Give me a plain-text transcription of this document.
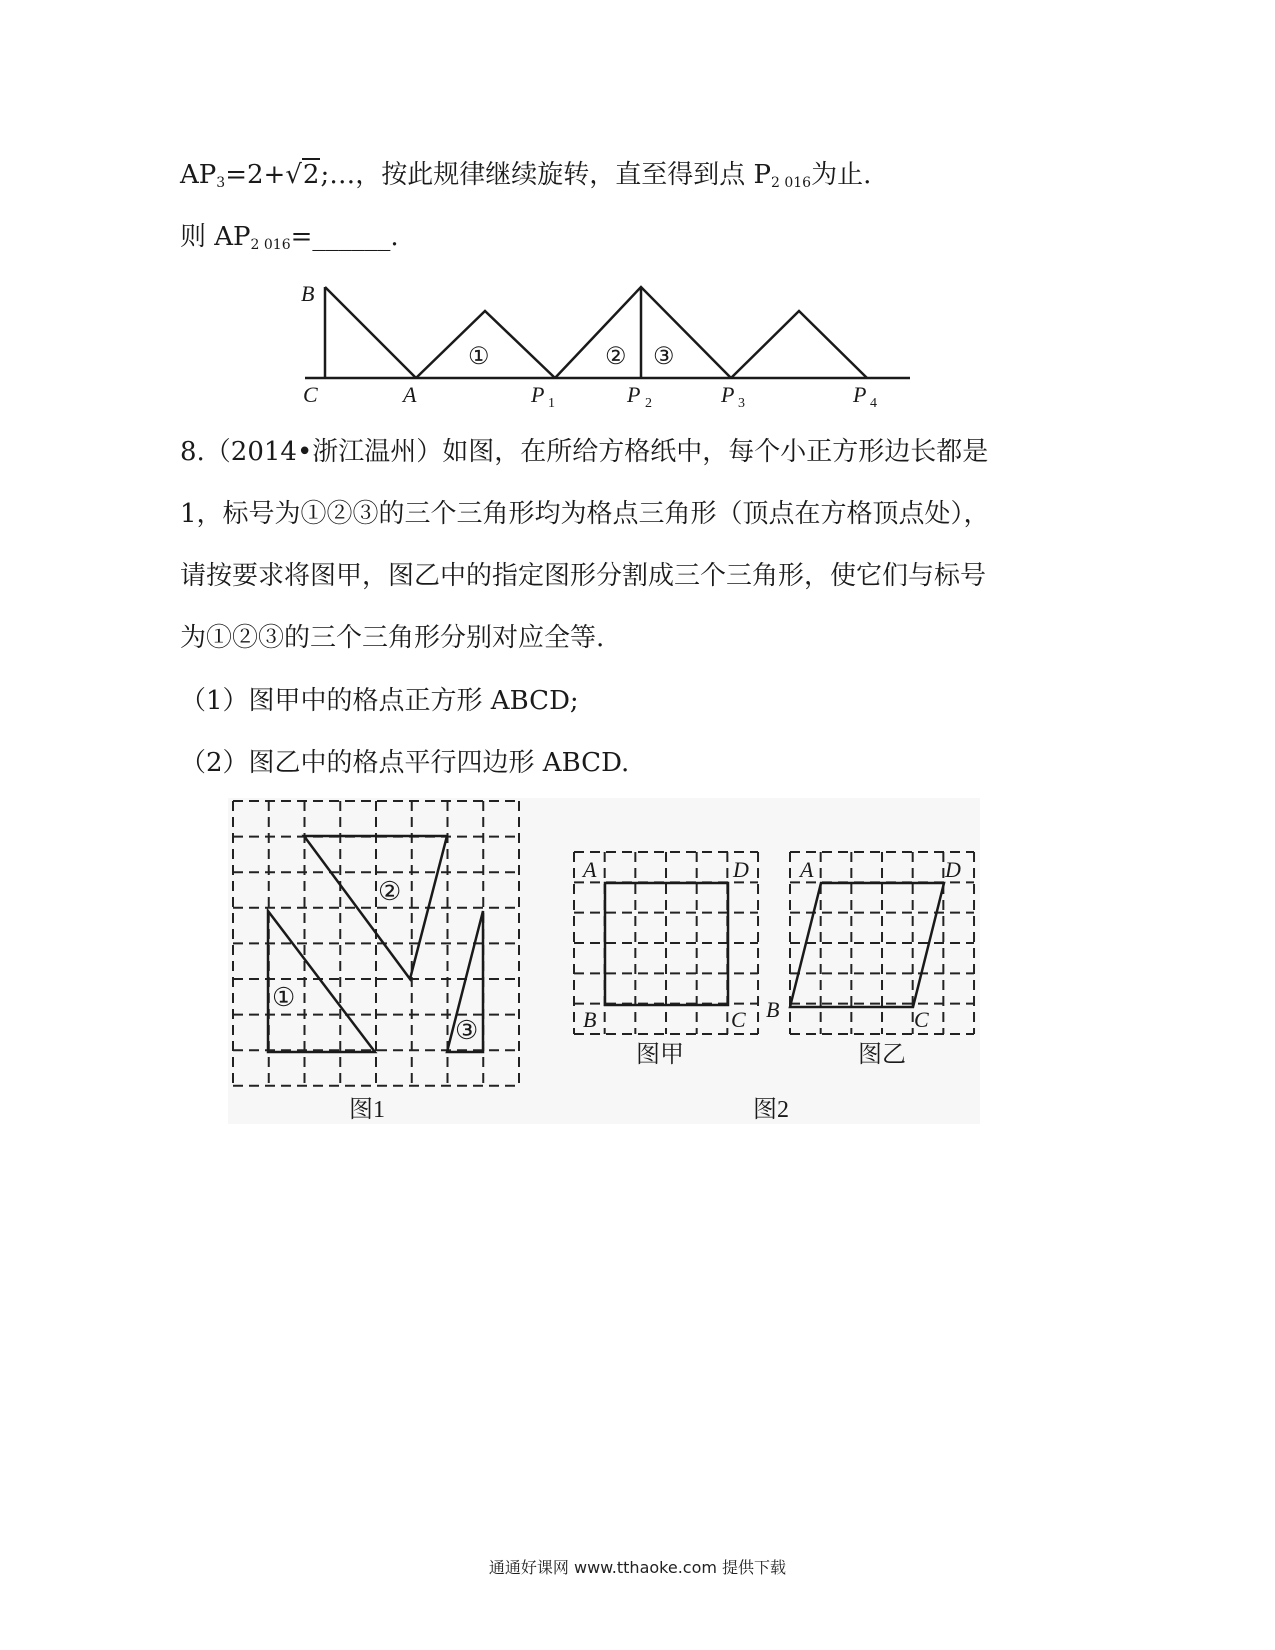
$AP_3=2+√2;\dots$，按此规律继续旋转，直至得到点 $P_{2 016}$为止.
则 $AP_{2 016}=\_\_\_\_\_\_$.
B
C	A	P 1	P 2	P 3	P 4
①	② ③
8.（2014•浙江温州）如图，在所给方格纸中，每个小正方形边长都是
1，标号为①②③的三个三角形均为格点三角形（顶点在方格顶点处），
请按要求将图甲，图乙中的指定图形分割成三个三角形，使它们与标号
为①②③的三个三角形分别对应全等.
（1）图甲中的格点正方形 ABCD;
（2）图乙中的格点平行四边形 ABCD.
①
②
③
A	D
B	C
A	D
B	C
图甲	图乙
图1	图2
通通好课网 www.tthaoke.com 提供下载
